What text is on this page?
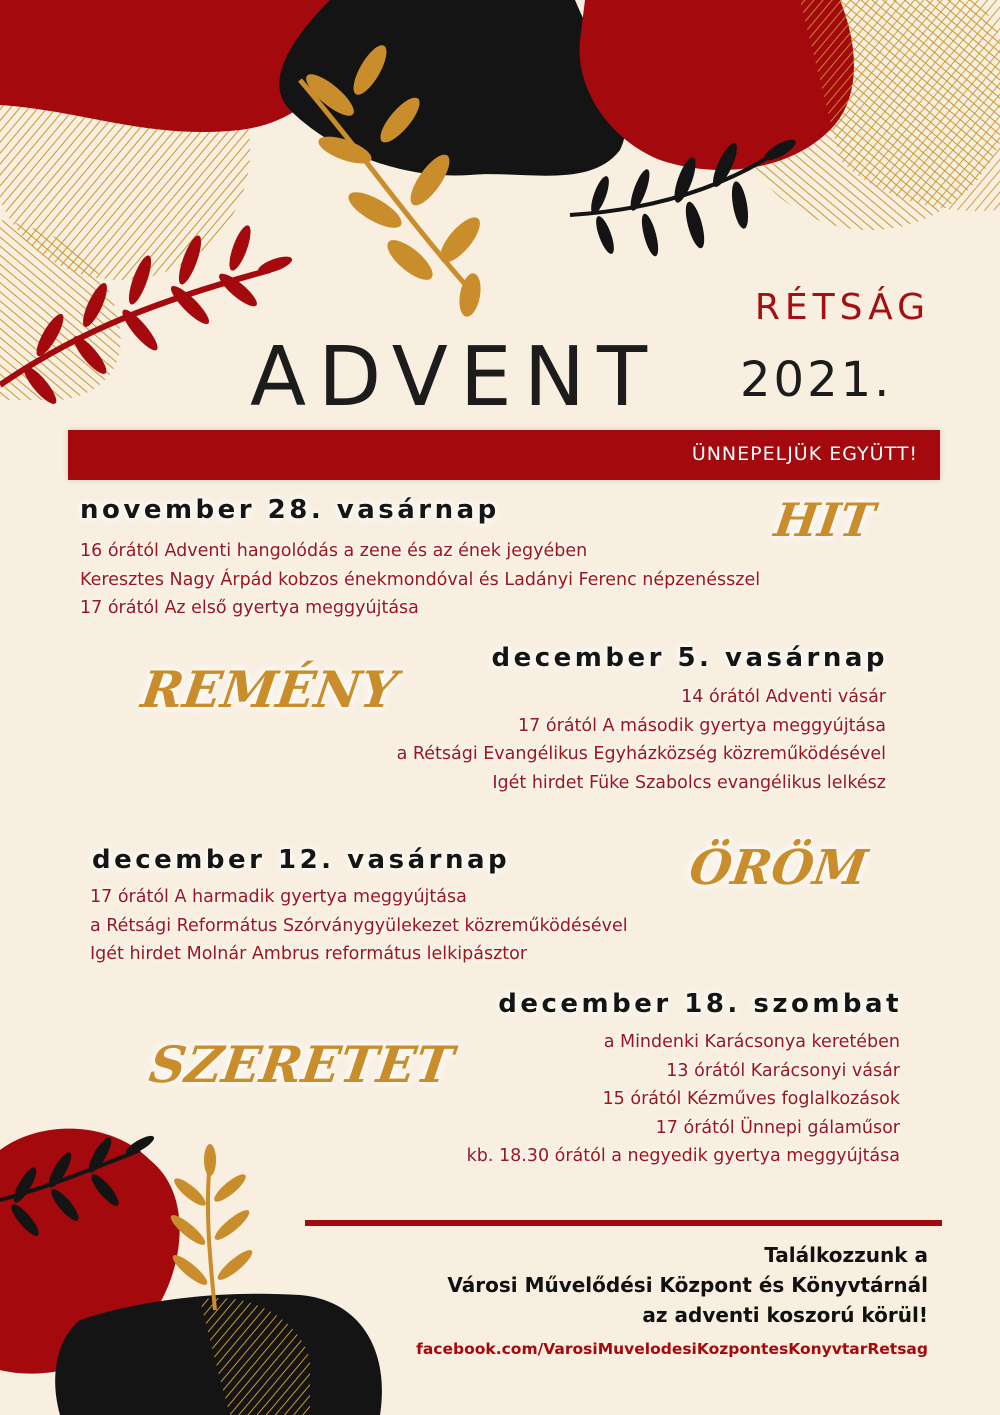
RÉTSÁG
ADVENT 2021.
ÜNNEPELJÜK EGYÜTT!
november 28. vasárnap	HIT
16 órától Adventi hangolódás a zene és az ének jegyében
Keresztes Nagy Árpád kobzos énekmondóval és Ladányi Ferenc népzenésszel
17 órától Az első gyertya meggyújtása
december 5. vasárnap
REMÉNY	14 órától Adventi vásár
17 órától A második gyertya meggyújtása
a Rétsági Evangélikus Egyházközség közreműködésével
Igét hirdet Füke Szabolcs evangélikus lelkész
december 12. vasárnap	ÖRÖM
17 órától A harmadik gyertya meggyújtása
a Rétsági Református Szórványgyülekezet közreműködésével
Igét hirdet Molnár Ambrus református lelkipásztor
december 18. szombat
SZERETET	a Mindenki Karácsonya keretében
13 órától Karácsonyi vásár
15 órától Kézműves foglalkozások
17 órától Ünnepi gálaműsor
kb. 18.30 órától a negyedik gyertya meggyújtása
Találkozzunk a
Városi Művelődési Központ és Könyvtárnál
az adventi koszorú körül!
facebook.com/VarosiMuvelodesiKozpontesKonyvtarRetsag
